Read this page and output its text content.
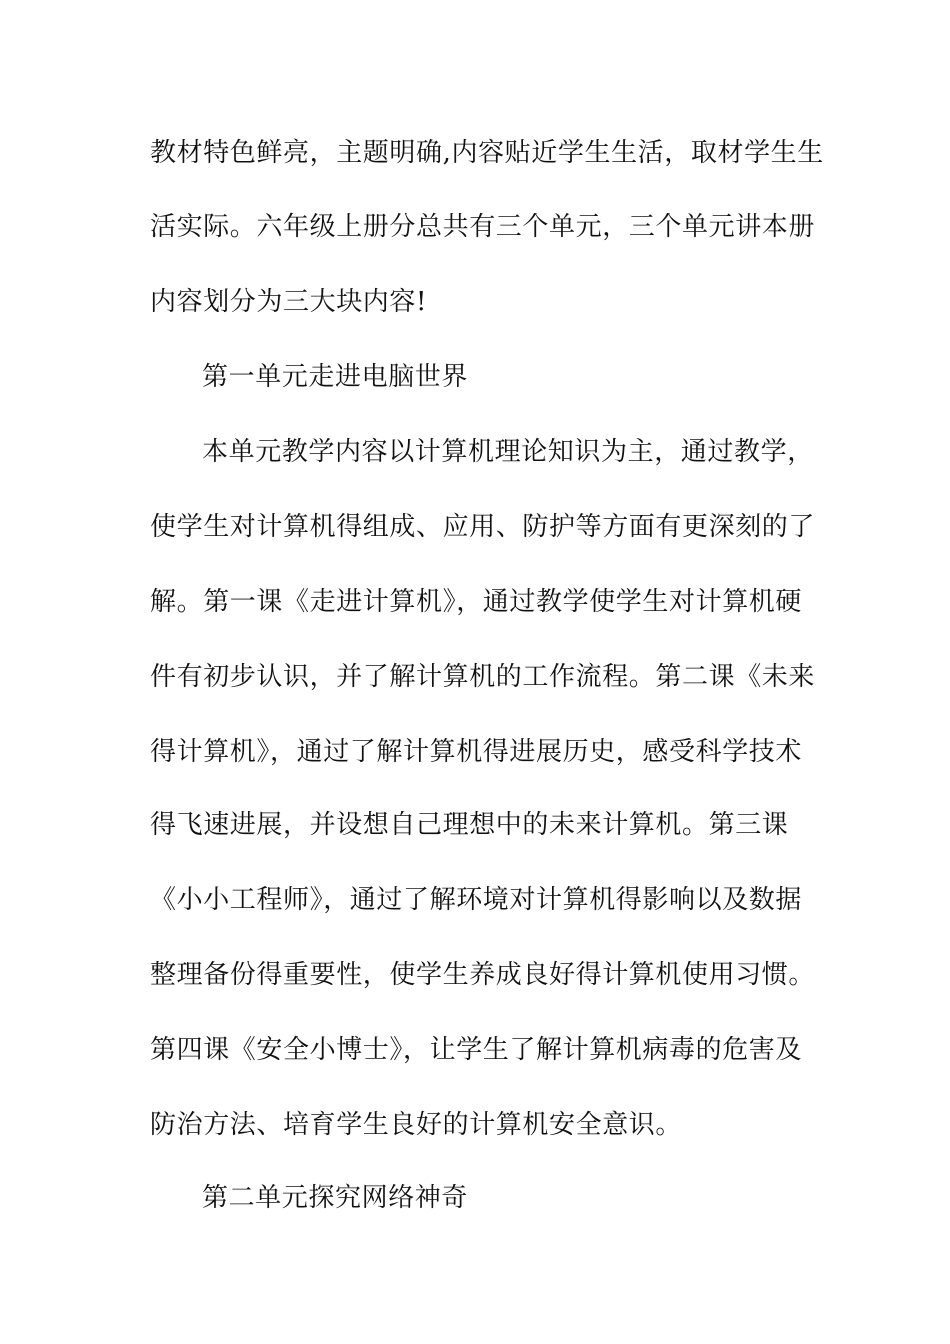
教材特色鲜亮，主题明确,内容贴近学生生活，取材学生生
活实际。六年级上册分总共有三个单元，三个单元讲本册
内容划分为三大块内容!
第一单元走进电脑世界
本单元教学内容以计算机理论知识为主，通过教学，
使学生对计算机得组成、应用、防护等方面有更深刻的了
解。第一课《走进计算机》，通过教学使学生对计算机硬
件有初步认识，并了解计算机的工作流程。第二课《未来
得计算机》，通过了解计算机得进展历史，感受科学技术
得飞速进展，并设想自己理想中的未来计算机。第三课
《小小工程师》，通过了解环境对计算机得影响以及数据
整理备份得重要性，使学生养成良好得计算机使用习惯。
第四课《安全小博士》，让学生了解计算机病毒的危害及
防治方法、培育学生良好的计算机安全意识。
第二单元探究网络神奇
